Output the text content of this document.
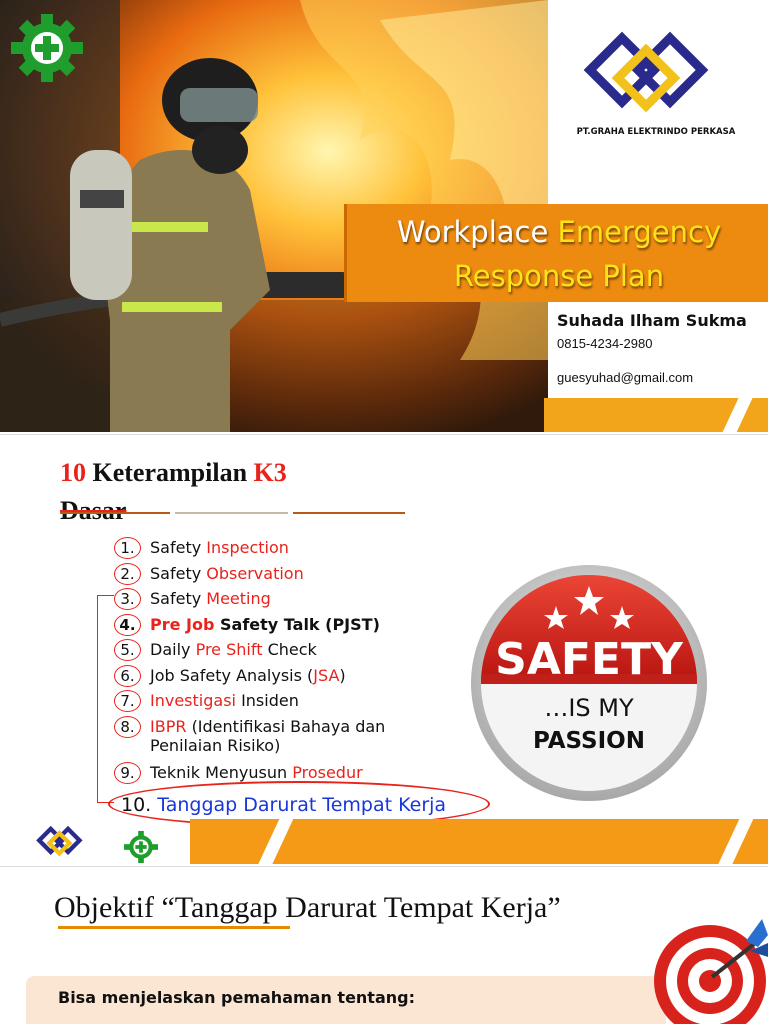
PT.GRAHA ELEKTRINDO PERKASA
Workplace Emergency
Response Plan
Suhada Ilham Sukma
0815-4234-2980
guesyuhad@gmail.com
10 Keterampilan K3
Dasar
1. Safety Inspection
2. Safety Observation
3. Safety Meeting
4. Pre Job Safety Talk (PJST)
5. Daily Pre Shift Check
6. Job Safety Analysis (JSA)
7. Investigasi Insiden
8. IBPR (Identifikasi Bahaya dan
Penilaian Risiko)
9. Teknik Menyusun Prosedur
10. Tanggap Darurat Tempat Kerja
SAFETY
…IS MY
PASSION
Objektif “Tanggap Darurat Tempat Kerja”
Bisa menjelaskan pemahaman tentang:
